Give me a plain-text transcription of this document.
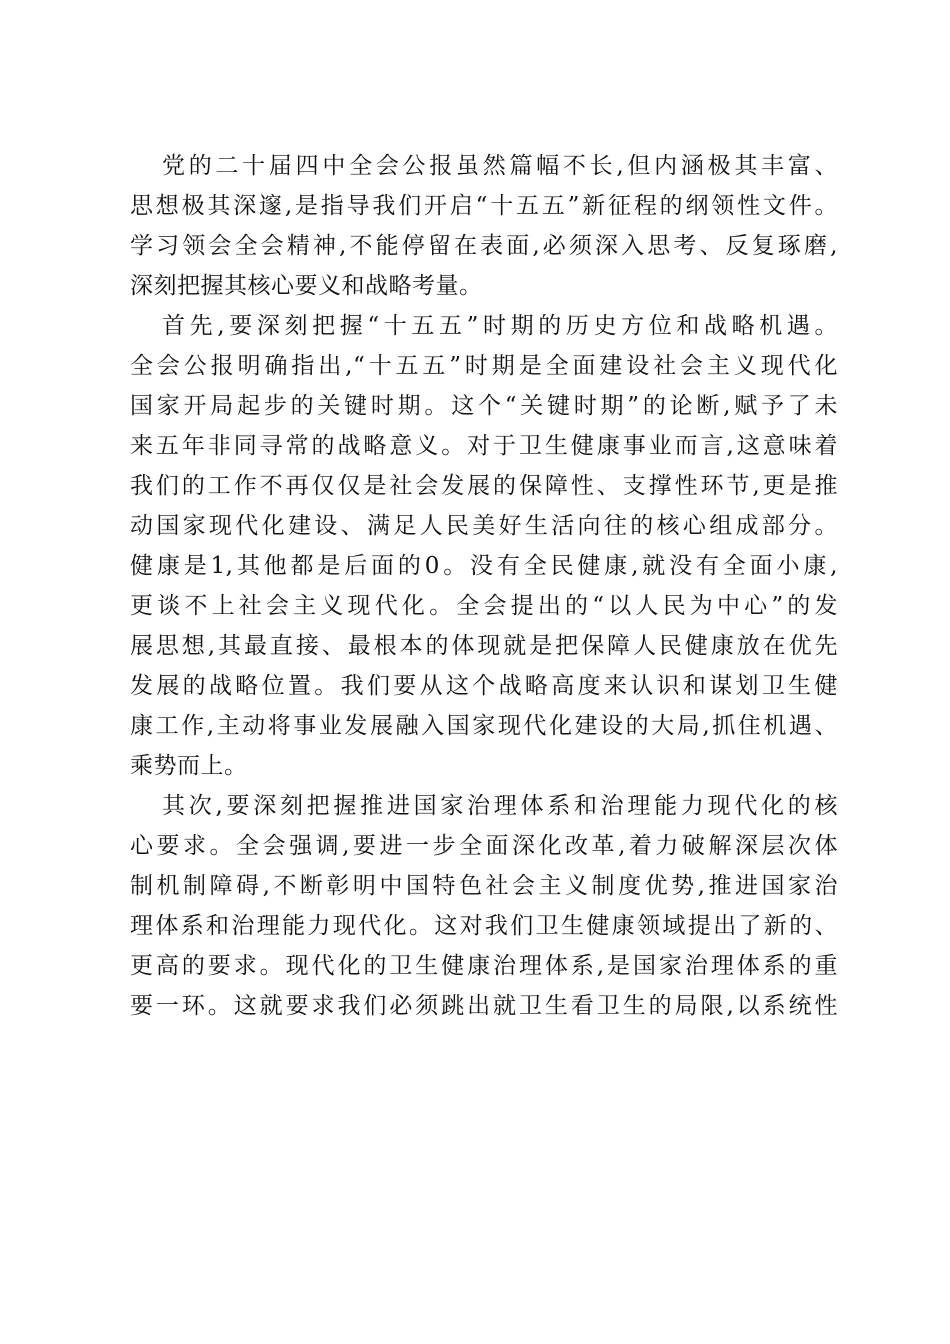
党的二十届四中全会公报虽然篇幅不长,但内涵极其丰富、
思想极其深邃,是指导我们开启“十五五”新征程的纲领性文件。
学习领会全会精神,不能停留在表面,必须深入思考、反复琢磨,
深刻把握其核心要义和战略考量。
首先,要深刻把握“十五五”时期的历史方位和战略机遇。
全会公报明确指出,“十五五”时期是全面建设社会主义现代化
国家开局起步的关键时期。这个“关键时期”的论断,赋予了未
来五年非同寻常的战略意义。对于卫生健康事业而言,这意味着
我们的工作不再仅仅是社会发展的保障性、支撑性环节,更是推
动国家现代化建设、满足人民美好生活向往的核心组成部分。
健康是1,其他都是后面的0。没有全民健康,就没有全面小康,
更谈不上社会主义现代化。全会提出的“以人民为中心”的发
展思想,其最直接、最根本的体现就是把保障人民健康放在优先
发展的战略位置。我们要从这个战略高度来认识和谋划卫生健
康工作,主动将事业发展融入国家现代化建设的大局,抓住机遇、
乘势而上。
其次,要深刻把握推进国家治理体系和治理能力现代化的核
心要求。全会强调,要进一步全面深化改革,着力破解深层次体
制机制障碍,不断彰明中国特色社会主义制度优势,推进国家治
理体系和治理能力现代化。这对我们卫生健康领域提出了新的、
更高的要求。现代化的卫生健康治理体系,是国家治理体系的重
要一环。这就要求我们必须跳出就卫生看卫生的局限,以系统性
